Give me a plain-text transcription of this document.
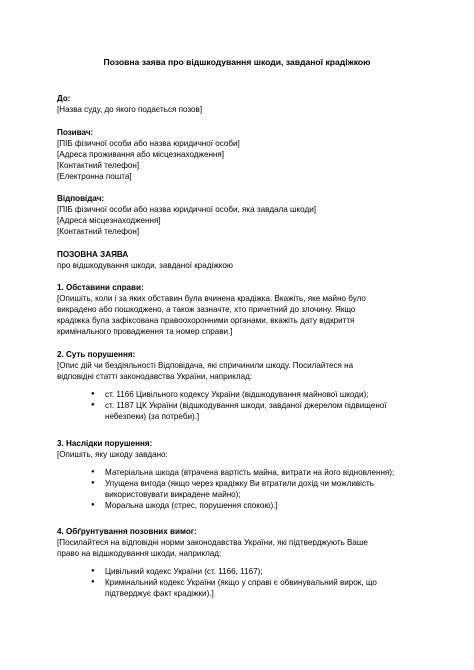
Позовна заява про відшкодування шкоди, завданої крадіжкою
До:
[Назва суду, до якого подається позов]
Позивач:
[ПІБ фізичної особи або назва юридичної особи]
[Адреса проживання або місцезнаходження]
[Контактний телефон]
[Електронна пошта]
Відповідач:
[ПІБ фізичної особи або назва юридичної особи, яка завдала шкоди]
[Адреса місцезнаходження]
[Контактний телефон]
ПОЗОВНА ЗАЯВА
про відшкодування шкоди, завданої крадіжкою
1. Обставини справи:
[Опишіть, коли і за яких обставин була вчинена крадіжка. Вкажіть, яке майно було
викрадено або пошкоджено, а також зазначте, хто причетний до злочину. Якщо
крадіжка була зафіксована правоохоронними органами, вкажіть дату відкриття
кримінального провадження та номер справи.]
2. Суть порушення:
[Опис дій чи бездіяльності Відповідача, які спричинили шкоду. Посилайтеся на
відповідні статті законодавства України, наприклад:
● ст. 1166 Цивільного кодексу України (відшкодування майнової шкоди);
● ст. 1187 ЦК України (відшкодування шкоди, завданої джерелом підвищеної
небезпеки) (за потреби).]
3. Наслідки порушення:
[Опишіть, яку шкоду завдано:
● Матеріальна шкода (втрачена вартість майна, витрати на його відновлення);
● Упущена вигода (якщо через крадіжку Ви втратили дохід чи можливість
використовувати викрадене майно);
● Моральна шкода (стрес, порушення спокою).]
4. Обґрунтування позовних вимог:
[Посилайтеся на відповідні норми законодавства України, які підтверджують Ваше
право на відшкодування шкоди, наприклад:
● Цивільний кодекс України (ст. 1166, 1167);
● Кримінальний кодекс України (якщо у справі є обвинувальний вирок, що
підтверджує факт крадіжки).]
